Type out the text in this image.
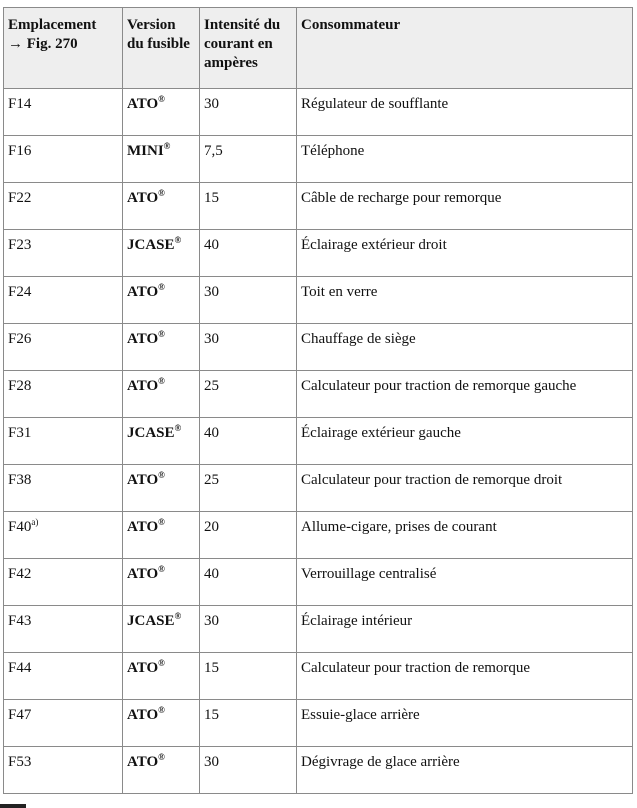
Emplacement
→ Fig. 270	Version du fusible	Intensité du courant en ampères	Consommateur
F14	ATO®	30	Régulateur de soufflante
F16	MINI®	7,5	Téléphone
F22	ATO®	15	Câble de recharge pour remorque
F23	JCASE®	40	Éclairage extérieur droit
F24	ATO®	30	Toit en verre
F26	ATO®	30	Chauffage de siège
F28	ATO®	25	Calculateur pour traction de remorque gauche
F31	JCASE®	40	Éclairage extérieur gauche
F38	ATO®	25	Calculateur pour traction de remorque droit
F40$^{a)}$	ATO®	20	Allume-cigare, prises de courant
F42	ATO®	40	Verrouillage centralisé
F43	JCASE®	30	Éclairage intérieur
F44	ATO®	15	Calculateur pour traction de remorque
F47	ATO®	15	Essuie-glace arrière
F53	ATO®	30	Dégivrage de glace arrière
